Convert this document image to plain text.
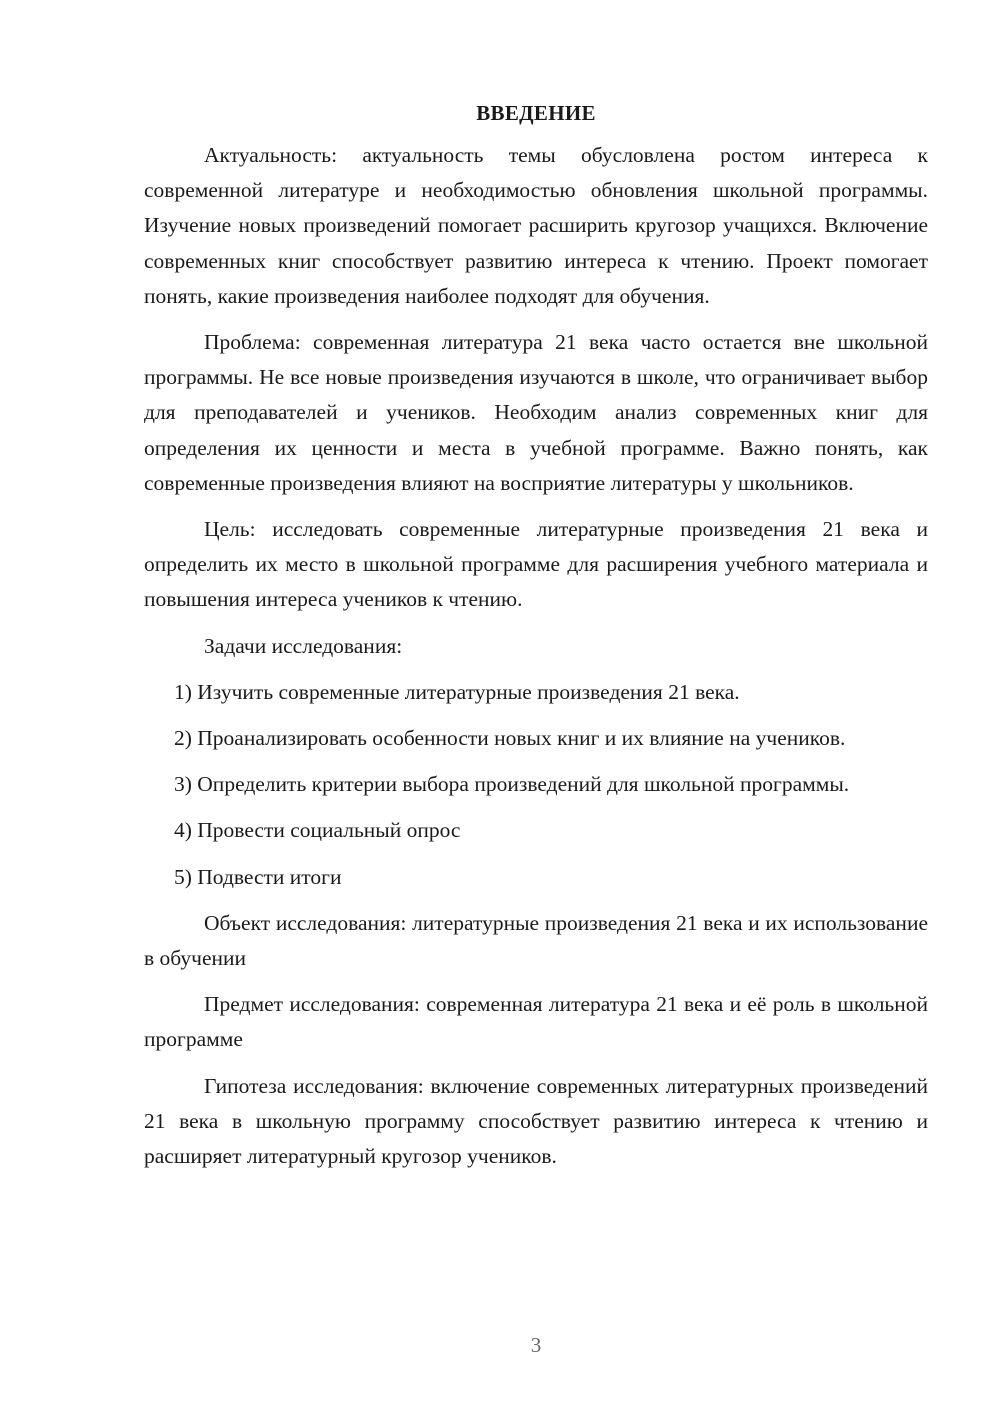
ВВЕДЕНИЕ

Актуальность: актуальность темы обусловлена ростом интереса к современной литературе и необходимостью обновления школьной программы. Изучение новых произведений помогает расширить кругозор учащихся. Включение современных книг способствует развитию интереса к чтению. Проект помогает понять, какие произведения наиболее подходят для обучения.

Проблема: современная литература 21 века часто остается вне школьной программы. Не все новые произведения изучаются в школе, что ограничивает выбор для преподавателей и учеников. Необходим анализ современных книг для определения их ценности и места в учебной программе. Важно понять, как современные произведения влияют на восприятие литературы у школьников.

Цель: исследовать современные литературные произведения 21 века и определить их место в школьной программе для расширения учебного материала и повышения интереса учеников к чтению.

Задачи исследования:

1) Изучить современные литературные произведения 21 века.

2) Проанализировать особенности новых книг и их влияние на учеников.

3) Определить критерии выбора произведений для школьной программы.

4) Провести социальный опрос

5) Подвести итоги

Объект исследования: литературные произведения 21 века и их использование в обучении

Предмет исследования: современная литература 21 века и её роль в школьной программе

Гипотеза исследования: включение современных литературных произведений 21 века в школьную программу способствует развитию интереса к чтению и расширяет литературный кругозор учеников.

3
